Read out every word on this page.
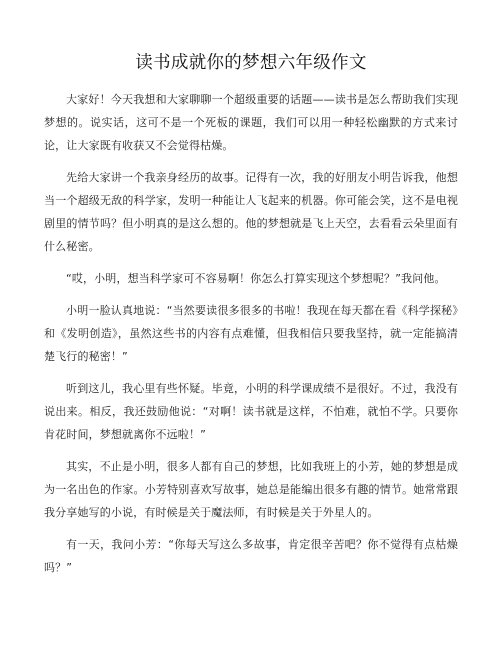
读书成就你的梦想六年级作文

大家好！今天我想和大家聊聊一个超级重要的话题——读书是怎么帮助我们实现梦想的。说实话，这可不是一个死板的课题，我们可以用一种轻松幽默的方式来讨论，让大家既有收获又不会觉得枯燥。

先给大家讲一个我亲身经历的故事。记得有一次，我的好朋友小明告诉我，他想当一个超级无敌的科学家，发明一种能让人飞起来的机器。你可能会笑，这不是电视剧里的情节吗？但小明真的是这么想的。他的梦想就是飞上天空，去看看云朵里面有什么秘密。

“哎，小明，想当科学家可不容易啊！你怎么打算实现这个梦想呢？”我问他。

小明一脸认真地说：“当然要读很多很多的书啦！我现在每天都在看《科学探秘》和《发明创造》，虽然这些书的内容有点难懂，但我相信只要我坚持，就一定能搞清楚飞行的秘密！”

听到这儿，我心里有些怀疑。毕竟，小明的科学课成绩不是很好。不过，我没有说出来。相反，我还鼓励他说：“对啊！读书就是这样，不怕难，就怕不学。只要你肯花时间，梦想就离你不远啦！”

其实，不止是小明，很多人都有自己的梦想，比如我班上的小芳，她的梦想是成为一名出色的作家。小芳特别喜欢写故事，她总是能编出很多有趣的情节。她常常跟我分享她写的小说，有时候是关于魔法师，有时候是关于外星人的。

有一天，我问小芳：“你每天写这么多故事，肯定很辛苦吧？你不觉得有点枯燥吗？”
